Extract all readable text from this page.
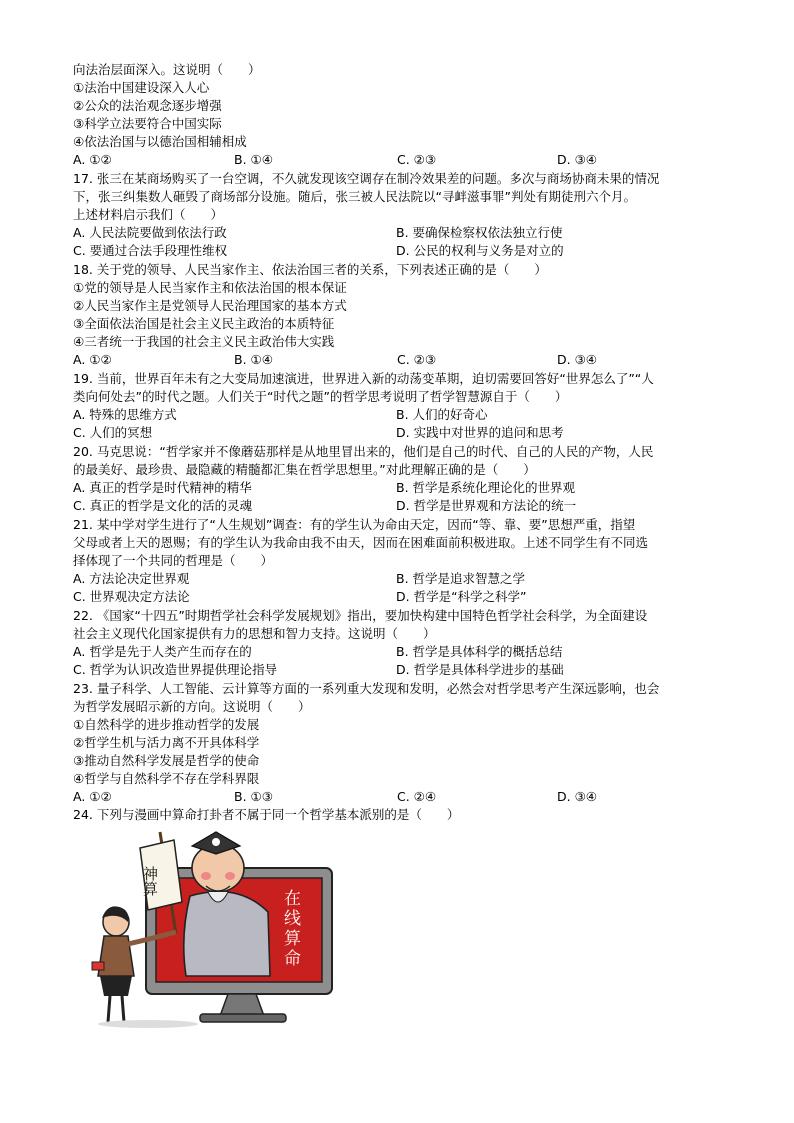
向法治层面深入。这说明（　　）
①法治中国建设深入人心
②公众的法治观念逐步增强
③科学立法要符合中国实际
④依法治国与以德治国相辅相成
A. ①②	B. ①④	C. ②③	D. ③④
17. 张三在某商场购买了一台空调，不久就发现该空调存在制冷效果差的问题。多次与商场协商未果的情况
下，张三纠集数人砸毁了商场部分设施。随后，张三被人民法院以“寻衅滋事罪”判处有期徒刑六个月。
上述材料启示我们（　　）
A. 人民法院要做到依法行政	B. 要确保检察权依法独立行使
C. 要通过合法手段理性维权	D. 公民的权利与义务是对立的
18. 关于党的领导、人民当家作主、依法治国三者的关系，下列表述正确的是（　　）
①党的领导是人民当家作主和依法治国的根本保证
②人民当家作主是党领导人民治理国家的基本方式
③全面依法治国是社会主义民主政治的本质特征
④三者统一于我国的社会主义民主政治伟大实践
A. ①②	B. ①④	C. ②③	D. ③④
19. 当前，世界百年未有之大变局加速演进，世界进入新的动荡变革期，迫切需要回答好“世界怎么了”“人
类向何处去”的时代之题。人们关于“时代之题”的哲学思考说明了哲学智慧源自于（　　）
A. 特殊的思维方式	B. 人们的好奇心
C. 人们的冥想	D. 实践中对世界的追问和思考
20. 马克思说：“哲学家并不像蘑菇那样是从地里冒出来的，他们是自己的时代、自己的人民的产物，人民
的最美好、最珍贵、最隐藏的精髓都汇集在哲学思想里。”对此理解正确的是（　　）
A. 真正的哲学是时代精神的精华	B. 哲学是系统化理论化的世界观
C. 真正的哲学是文化的活的灵魂	D. 哲学是世界观和方法论的统一
21. 某中学对学生进行了“人生规划”调查：有的学生认为命由天定，因而“等、靠、要”思想严重，指望
父母或者上天的恩赐；有的学生认为我命由我不由天，因而在困难面前积极进取。上述不同学生有不同选
择体现了一个共同的哲理是（　　）
A. 方法论决定世界观	B. 哲学是追求智慧之学
C. 世界观决定方法论	D. 哲学是“科学之科学”
22. 《国家“十四五”时期哲学社会科学发展规划》指出，要加快构建中国特色哲学社会科学，为全面建设
社会主义现代化国家提供有力的思想和智力支持。这说明（　　）
A. 哲学是先于人类产生而存在的	B. 哲学是具体科学的概括总结
C. 哲学为认识改造世界提供理论指导	D. 哲学是具体科学进步的基础
23. 量子科学、人工智能、云计算等方面的一系列重大发现和发明，必然会对哲学思考产生深远影响，也会
为哲学发展昭示新的方向。这说明（　　）
①自然科学的进步推动哲学的发展
②哲学生机与活力离不开具体科学
③推动自然科学发展是哲学的使命
④哲学与自然科学不存在学科界限
A. ①②	B. ①③	C. ②④	D. ③④
24. 下列与漫画中算命打卦者不属于同一个哲学基本派别的是（　　）
在
线
算
命
神算
